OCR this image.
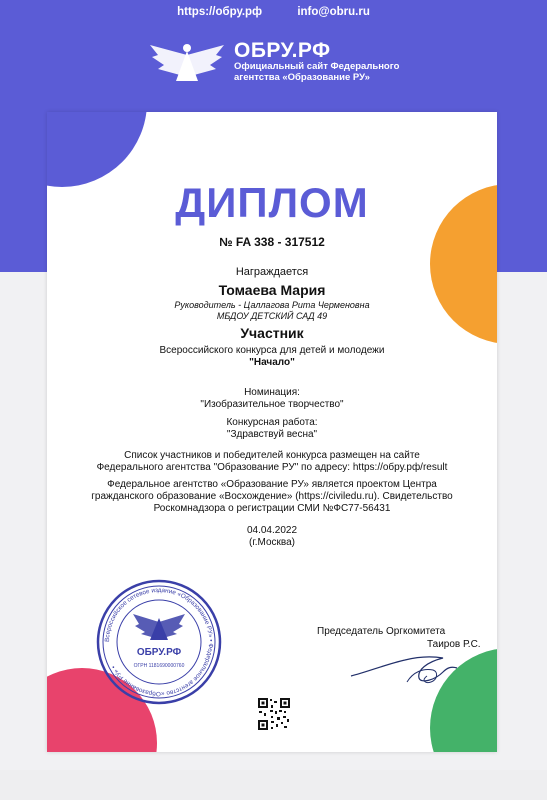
https://обру.рф	info@obru.ru
ОБРУ.РФ
Официальный сайт Федерального
агентства «Образование РУ»
ДИПЛОМ
№ FA 338 - 317512
Награждается
Томаева Мария
Руководитель - Цаллагова Рита Черменовна
МБДОУ ДЕТСКИЙ САД 49
Участник
Всероссийского конкурса для детей и молодежи
"Начало"
Номинация:
"Изобразительное творчество"
Конкурсная работа:
"Здравствуй весна"
Список участников и победителей конкурса размещен на сайте
Федерального агентства "Образование РУ" по адресу: https://обру.рф/result
Федеральное агентство «Образование РУ» является проектом Центра
гражданского образование «Восхождение» (https://civiledu.ru). Свидетельство
Роскомнадзора о регистрации СМИ №ФС77-56431
04.04.2022
(г.Москва)
Председатель Оргкомитета
Таиров Р.С.
Всероссийское сетевое издание «Образование РУ» • Федеральное агентство «Образование РУ» •
ОБРУ.РФ
ОГРН 1181690000760
